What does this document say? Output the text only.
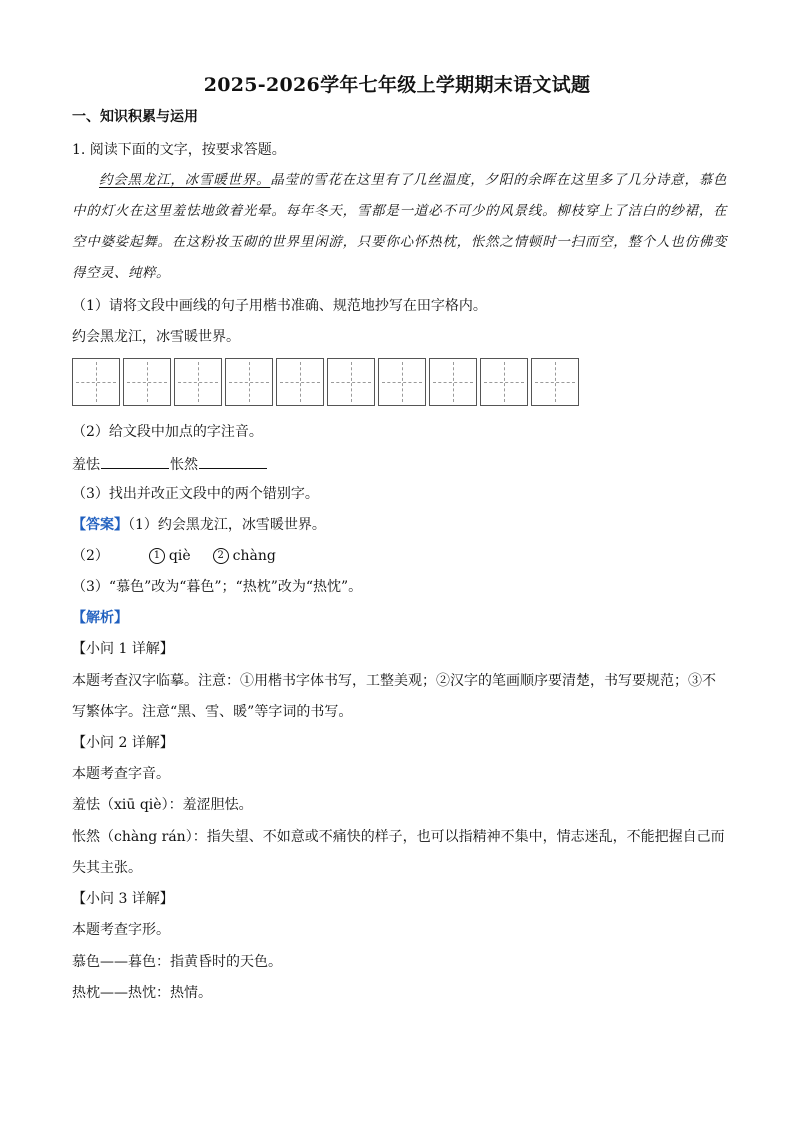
2025-2026学年七年级上学期期末语文试题
一、知识积累与运用
1. 阅读下面的文字，按要求答题。
约会黑龙江，冰雪暖世界。晶莹的雪花在这里有了几丝温度，夕阳的余晖在这里多了几分诗意，慕色中的灯火在这里羞怯地敛着光晕。每年冬天，雪都是一道必不可少的风景线。柳枝穿上了洁白的纱裙，在空中婆娑起舞。在这粉妆玉砌的世界里闲游，只要你心怀热枕，怅然之情顿时一扫而空，整个人也仿佛变得空灵、纯粹。
（1）请将文段中画线的句子用楷书准确、规范地抄写在田字格内。
约会黑龙江，冰雪暖世界。
（2）给文段中加点的字注音。
羞怯	怅然
（3）找出并改正文段中的两个错别字。
【答案】（1）约会黑龙江，冰雪暖世界。
（2）	1 qiè	2 chàng
（3）“慕色”改为“暮色”；“热枕”改为“热忱”。
【解析】
【小问 1 详解】
本题考查汉字临摹。注意：①用楷书字体书写，工整美观；②汉字的笔画顺序要清楚，书写要规范；③不
写繁体字。注意“黑、雪、暖”等字词的书写。
【小问 2 详解】
本题考查字音。
羞怯（xiū qiè）：羞涩胆怯。
怅然（chàng rán）：指失望、不如意或不痛快的样子，也可以指精神不集中，情志迷乱，不能把握自己而
失其主张。
【小问 3 详解】
本题考查字形。
慕色——暮色：指黄昏时的天色。
热枕——热忱：热情。
